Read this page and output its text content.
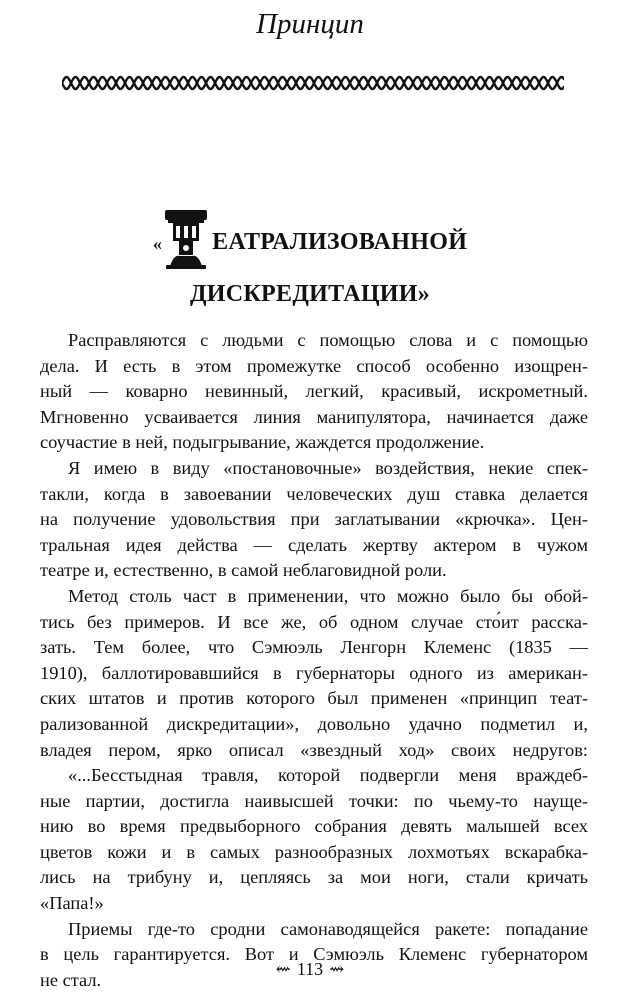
Принцип
« ЕАТРАЛИЗОВАННОЙ
ДИСКРЕДИТАЦИИ»
Расправляются с людьми с помощью слова и с помощью
дела. И есть в этом промежутке способ особенно изощрен-
ный — коварно невинный, легкий, красивый, искрометный.
Мгновенно усваивается линия манипулятора, начинается даже
соучастие в ней, подыгрывание, жаждется продолжение.
Я имею в виду «постановочные» воздействия, некие спек-
такли, когда в завоевании человеческих душ ставка делается
на получение удовольствия при заглатывании «крючка». Цен-
тральная идея действа — сделать жертву актером в чужом
театре и, естественно, в самой неблаговидной роли.
Метод столь част в применении, что можно было бы обой-
тись без примеров. И все же, об одном случае сто́ит расска-
зать. Тем более, что Сэмюэль Ленгорн Клеменс (1835 —
1910), баллотировавшийся в губернаторы одного из американ-
ских штатов и против которого был применен «принцип теат-
рализованной дискредитации», довольно удачно подметил и,
владея пером, ярко описал «звездный ход» своих недругов:
«...Бесстыдная травля, которой подвергли меня враждеб-
ные партии, достигла наивысшей точки: по чьему-то науще-
нию во время предвыборного собрания девять малышей всех
цветов кожи и в самых разнообразных лохмотьях вскарабка-
лись на трибуну и, цепляясь за мои ноги, стали кричать
«Папа!»
Приемы где-то сродни самонаводящейся ракете: попадание
в цель гарантируется. Вот и Сэмюэль Клеменс губернатором
не стал.
⇜ 113 ⇝
